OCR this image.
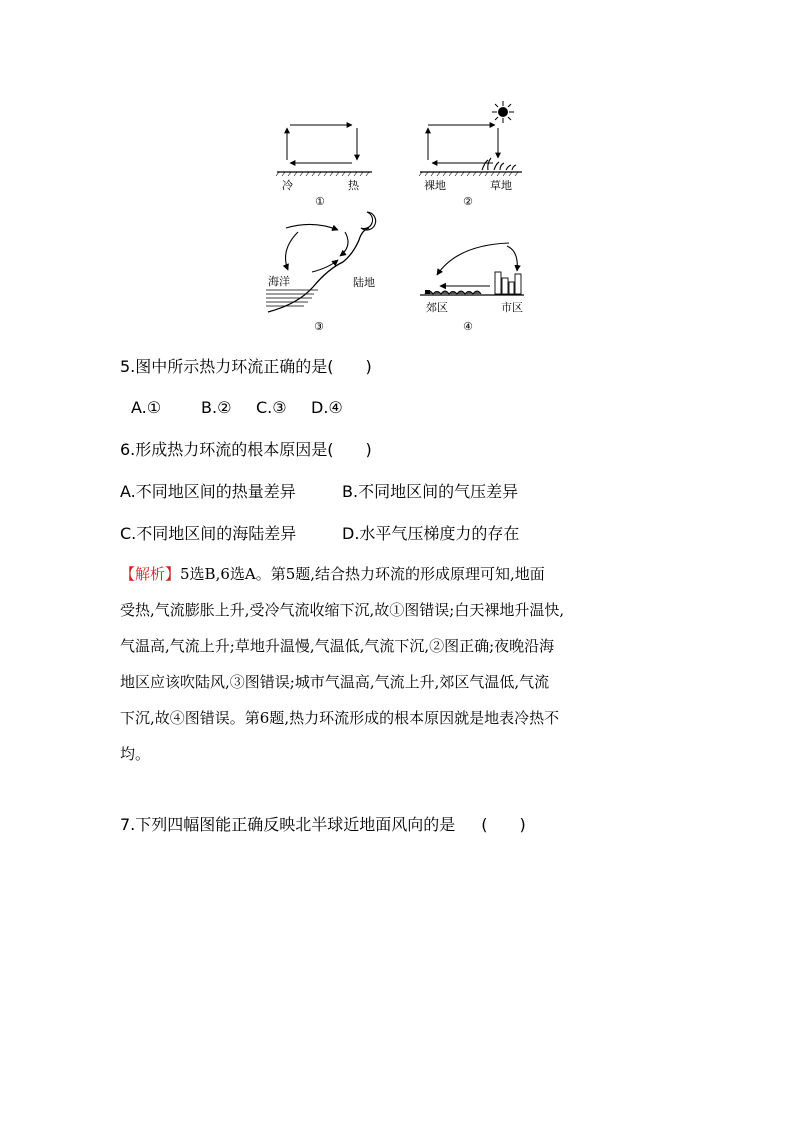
冷	热
①
裸地	草地
②
海洋	陆地
③
郊区	市区
④
5.图中所示热力环流正确的是(　　)
A.① B.② C.③ D.④
6.形成热力环流的根本原因是(　　)
A.不同地区间的热量差异	B.不同地区间的气压差异
C.不同地区间的海陆差异	D.水平气压梯度力的存在
【解析】5选B,6选A。第5题,结合热力环流的形成原理可知,地面
受热,气流膨胀上升,受冷气流收缩下沉,故①图错误;白天裸地升温快,
气温高,气流上升;草地升温慢,气温低,气流下沉,②图正确;夜晚沿海
地区应该吹陆风,③图错误;城市气温高,气流上升,郊区气温低,气流
下沉,故④图错误。第6题,热力环流形成的根本原因就是地表冷热不
均。
7.下列四幅图能正确反映北半球近地面风向的是 (　　)
